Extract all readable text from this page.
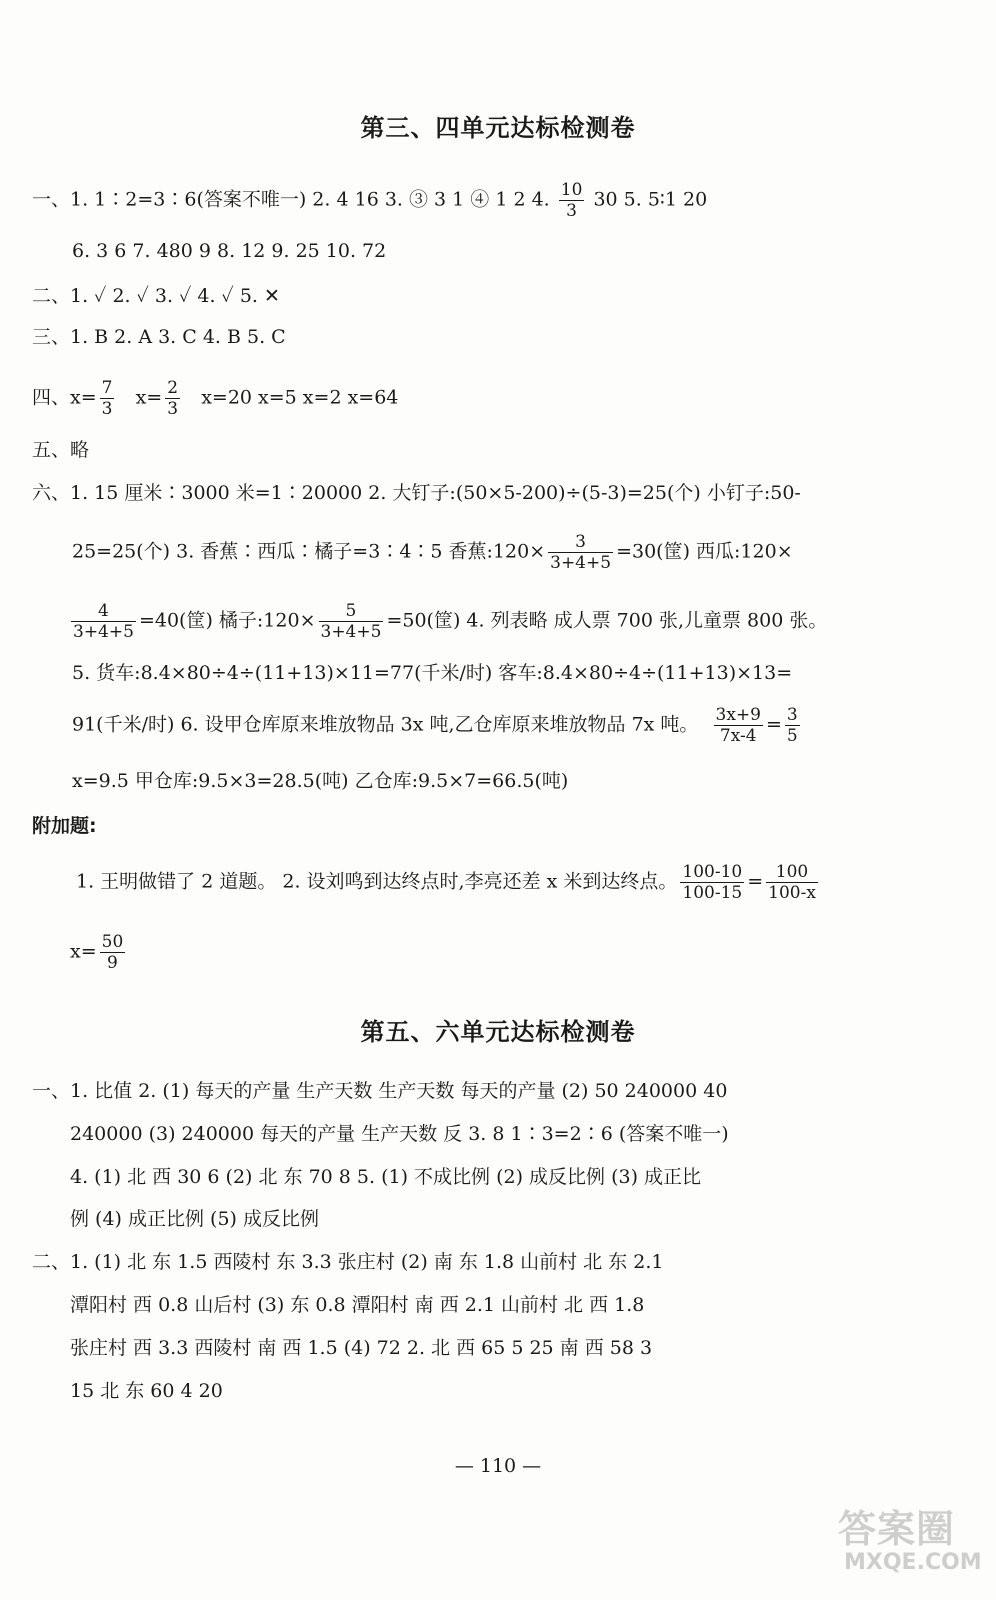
第三、四单元达标检测卷
一、1. 1∶2=3∶6(答案不唯一) 2. 4 16 3. ③ 3 1 ④ 1 2 4. $\frac{10}{3} 30$ 5. 5∶1 20
6. 3 6 7. 480 9 8. 12 9. 25 10. 72
二、1. ✓ 2. ✓ 3. ✓ 4. ✓ 5. ✕
三、1. B 2. A 3. C 4. B 5. C
四、$x= \frac{7}{3} x= \frac{2}{3} x=20$ x=5 x=2 x=64
五、略
六、1. 15 厘米∶3000 米=1∶20000 2. 大钉子:(50×5-200)÷(5-3)=25(个) 小钉子:50-
25=25(个) 3. 香蕉∶西瓜∶橘子=3∶4∶5 香蕉:120× $\frac{3}{3+4+5} =30$(筐) 西瓜:120×
$\frac{4}{3+4+5} =40$(筐) 橘子:120× $\frac{5}{3+4+5} =50$(筐) 4. 列表略 成人票 700 张,儿童票 800 张。
5. 货车:8.4×80÷4÷(11+13)×11=77(千米/时) 客车:8.4×80÷4÷(11+13)×13=
91(千米/时) 6. 设甲仓库原来堆放物品 3x 吨,乙仓库原来堆放物品 7x 吨。 $\frac{3x+9}{7x-4} = \frac{3}{5}$
x=9.5 甲仓库:9.5×3=28.5(吨) 乙仓库:9.5×7=66.5(吨)
附加题:
1. 王明做错了 2 道题。 2. 设刘鸣到达终点时,李亮还差 x 米到达终点。 $\frac{100-10}{100-15} = \frac{100}{100-x}$
$x= \frac{50}{9}$
第五、六单元达标检测卷
一、1. 比值 2. (1) 每天的产量 生产天数 生产天数 每天的产量 (2) 50 240000 40
240000 (3) 240000 每天的产量 生产天数 反 3. 8 1∶3=2∶6 (答案不唯一)
4. (1) 北 西 30 6 (2) 北 东 70 8 5. (1) 不成比例 (2) 成反比例 (3) 成正比
例 (4) 成正比例 (5) 成反比例
二、1. (1) 北 东 1.5 西陵村 东 3.3 张庄村 (2) 南 东 1.8 山前村 北 东 2.1
潭阳村 西 0.8 山后村 (3) 东 0.8 潭阳村 南 西 2.1 山前村 北 西 1.8
张庄村 西 3.3 西陵村 南 西 1.5 (4) 72 2. 北 西 65 5 25 南 西 58 3
15 北 东 60 4 20
— 110 —
答案圈
MXQE.COM
